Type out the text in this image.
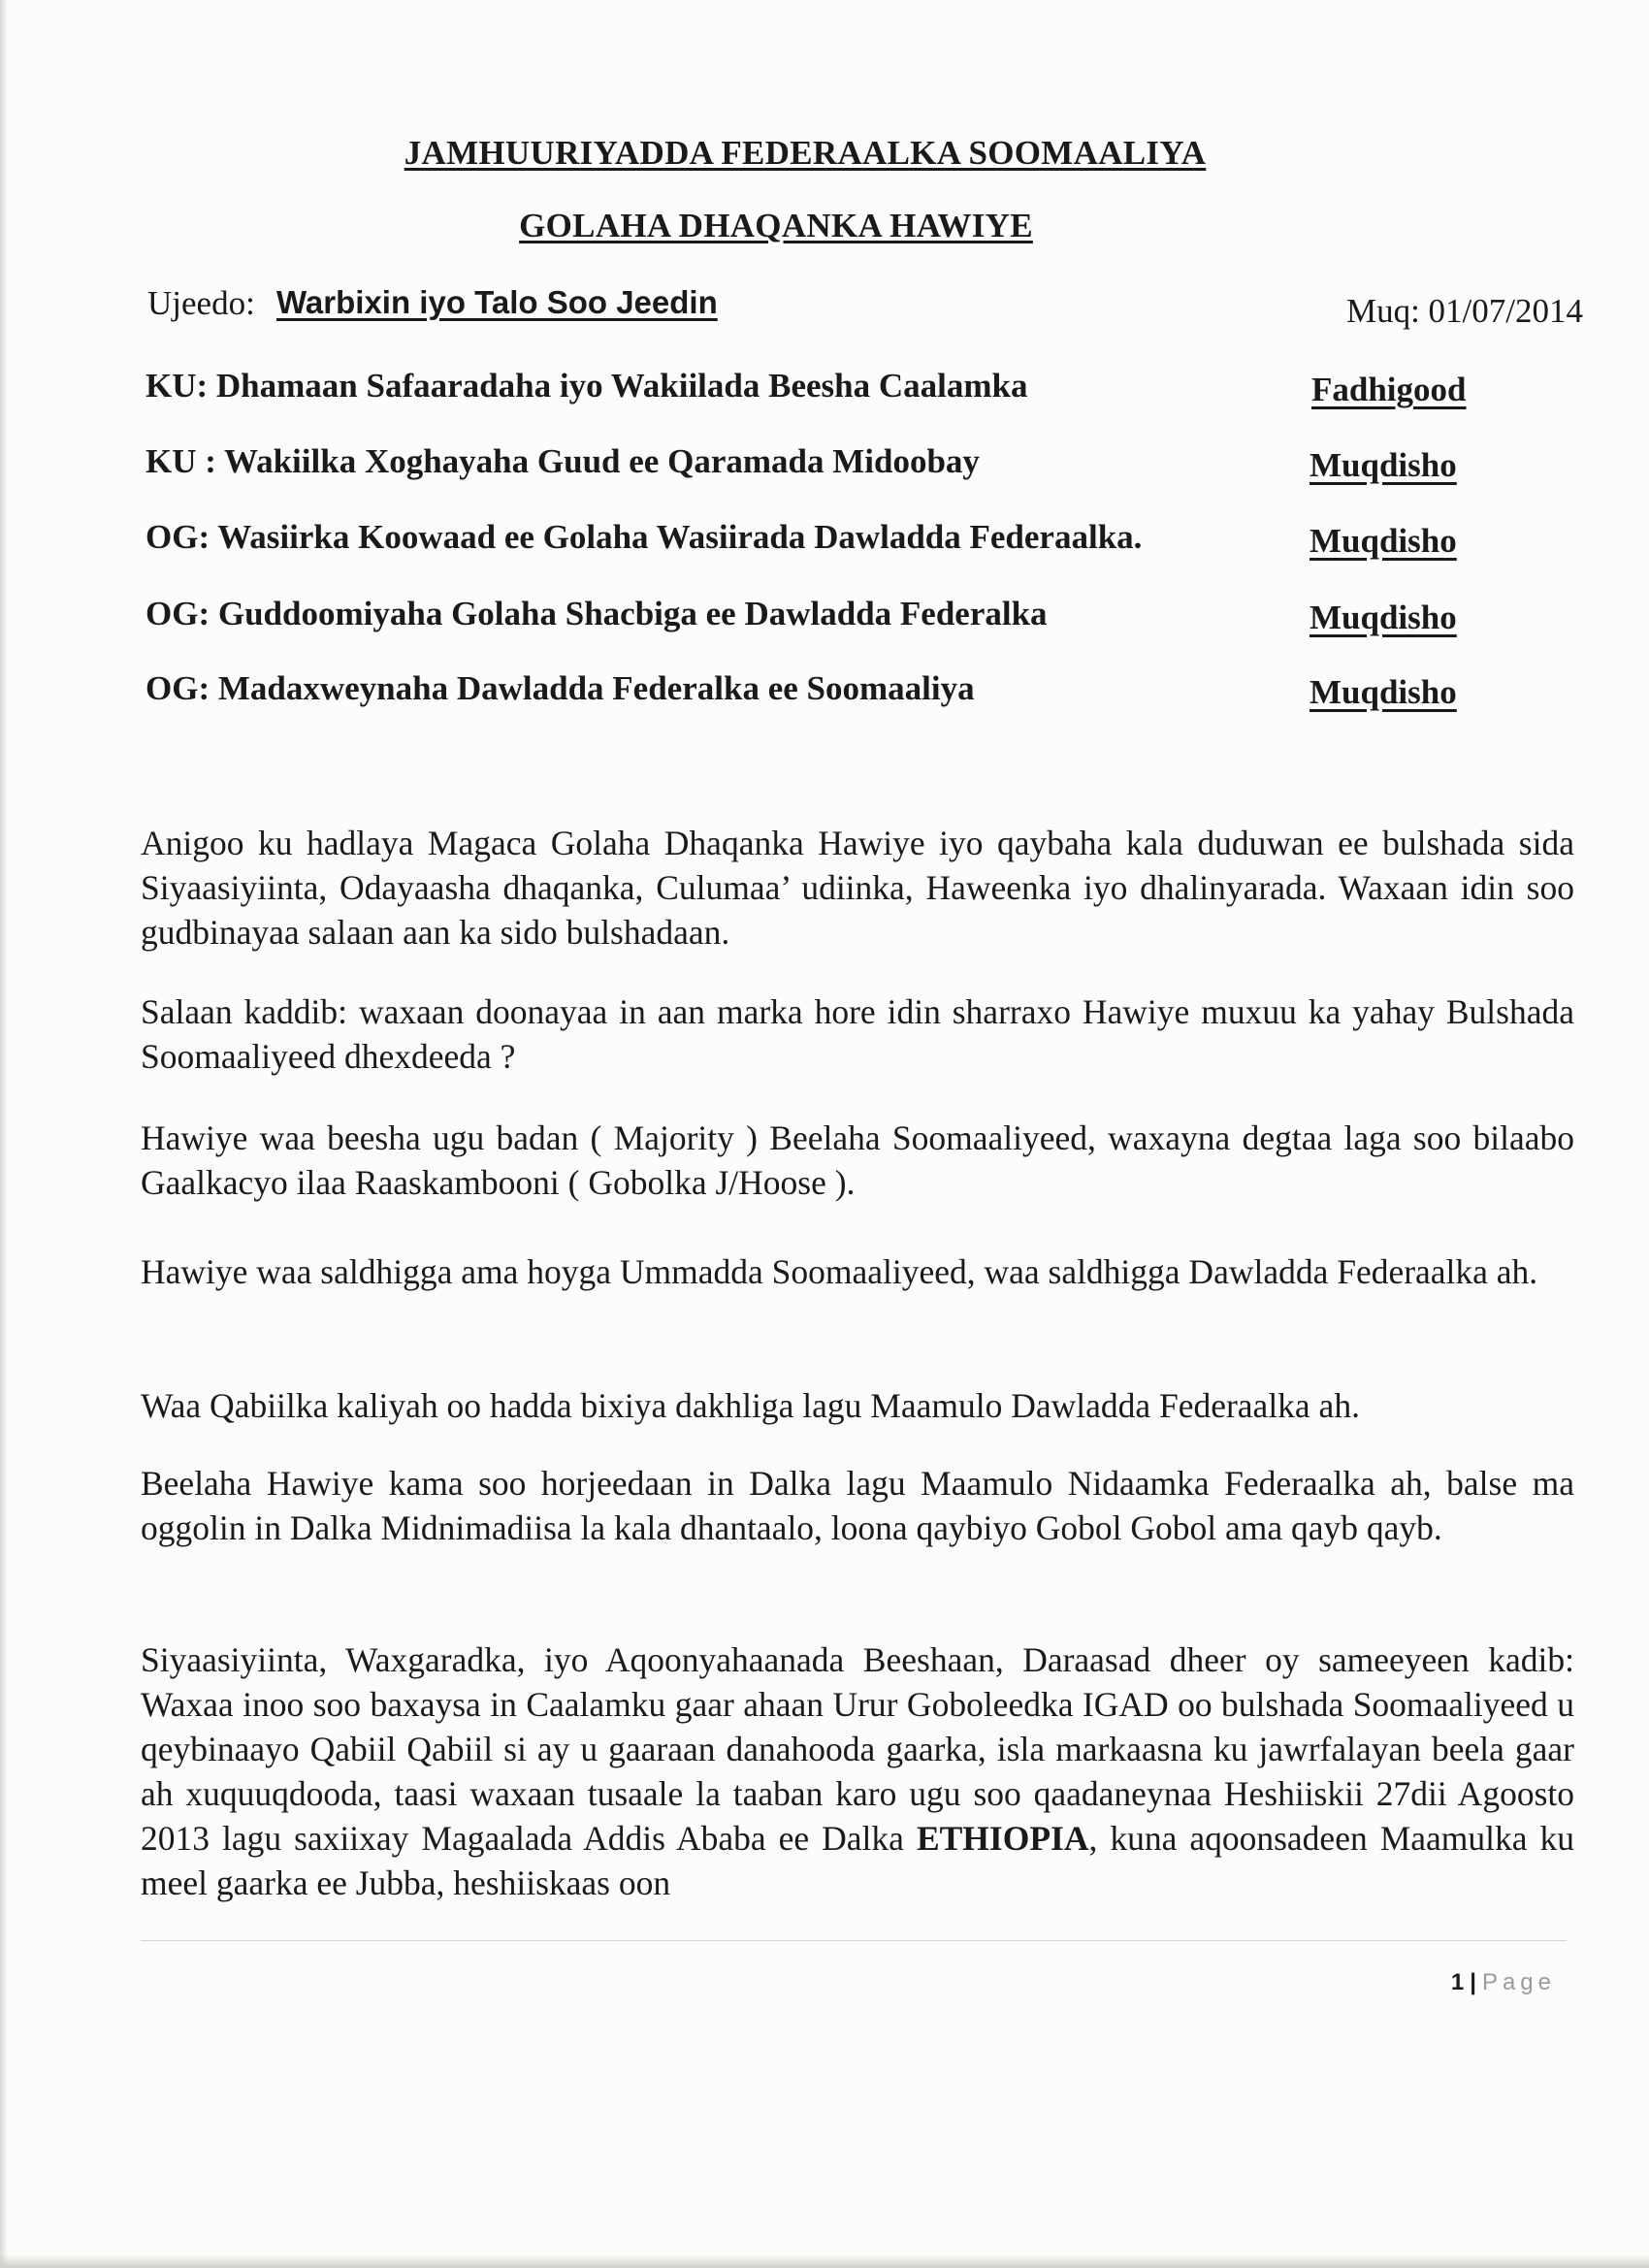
JAMHUURIYADDA FEDERAALKA SOOMAALIYA
GOLAHA DHAQANKA HAWIYE
Ujeedo: Warbixin iyo Talo Soo Jeedin	Muq: 01/07/2014
KU: Dhamaan Safaaradaha iyo Wakiilada Beesha Caalamka	Fadhigood
KU : Wakiilka Xoghayaha Guud ee Qaramada Midoobay	Muqdisho
OG: Wasiirka Koowaad ee Golaha Wasiirada Dawladda Federaalka.	Muqdisho
OG: Guddoomiyaha Golaha Shacbiga ee Dawladda Federalka	Muqdisho
OG: Madaxweynaha Dawladda Federalka ee Soomaaliya	Muqdisho
Anigoo ku hadlaya Magaca Golaha Dhaqanka Hawiye iyo qaybaha kala duduwan ee bulshada sida Siyaasiyiinta, Odayaasha dhaqanka, Culumaa’ udiinka, Haweenka iyo dhalinyarada. Waxaan idin soo gudbinayaa salaan aan ka sido bulshadaan.
Salaan kaddib: waxaan doonayaa in aan marka hore idin sharraxo Hawiye muxuu ka yahay Bulshada Soomaaliyeed dhexdeeda ?
Hawiye waa beesha ugu badan ( Majority ) Beelaha Soomaaliyeed, waxayna degtaa laga soo bilaabo Gaalkacyo ilaa Raaskambooni ( Gobolka J/Hoose ).
Hawiye waa saldhigga ama hoyga Ummadda Soomaaliyeed, waa saldhigga Dawladda Federaalka ah.
Waa Qabiilka kaliyah oo hadda bixiya dakhliga lagu Maamulo Dawladda Federaalka ah.
Beelaha Hawiye kama soo horjeedaan in Dalka lagu Maamulo Nidaamka Federaalka ah, balse ma oggolin in Dalka Midnimadiisa la kala dhantaalo, loona qaybiyo Gobol Gobol ama qayb qayb.
Siyaasiyiinta, Waxgaradka, iyo Aqoonyahaanada Beeshaan, Daraasad dheer oy sameeyeen kadib: Waxaa inoo soo baxaysa in Caalamku gaar ahaan Urur Goboleedka IGAD oo bulshada Soomaaliyeed u qeybinaayo Qabiil Qabiil si ay u gaaraan danahooda gaarka, isla markaasna ku jawrfalayan beela gaar ah xuquuqdooda, taasi waxaan tusaale la taaban karo ugu soo qaadaneynaa Heshiiskii 27dii Agoosto 2013 lagu saxiixay Magaalada Addis Ababa ee Dalka ETHIOPIA, kuna aqoonsadeen Maamulka ku meel gaarka ee Jubba, heshiiskaas oon
1 | Page
